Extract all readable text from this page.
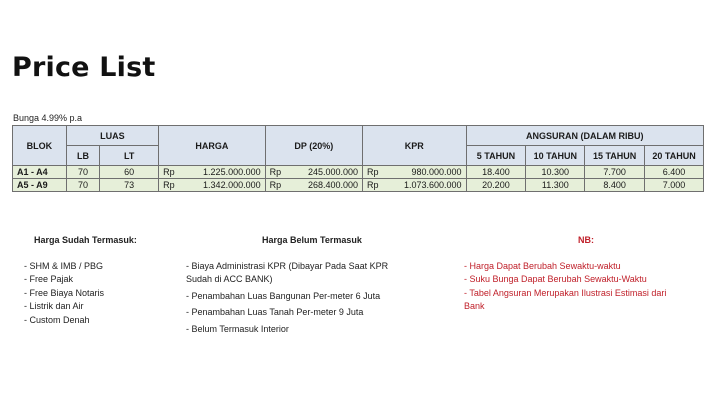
Price List
Bunga 4.99% p.a
BLOK	LUAS		HARGA		DP (20%)		KPR		ANGSURAN (DALAM RIBU)			
	LB	LT							5 TAHUN	10 TAHUN	15 TAHUN	20 TAHUN
A1 - A4	70	60	Rp	1.225.000.000	Rp	245.000.000	Rp	980.000.000	18.400	10.300	7.700	6.400
A5 - A9	70	73	Rp	1.342.000.000	Rp	268.400.000	Rp	1.073.600.000	20.200	11.300	8.400	7.000
Harga Sudah Termasuk:
- SHM & IMB / PBG
- Free Pajak
- Free Biaya Notaris
- Listrik dan Air
- Custom Denah
Harga Belum Termasuk
- Biaya Administrasi KPR (Dibayar Pada Saat KPR Sudah di ACC BANK)
- Penambahan Luas Bangunan Per-meter 6 Juta
- Penambahan Luas Tanah Per-meter 9 Juta
- Belum Termasuk Interior
NB:
- Harga Dapat Berubah Sewaktu-waktu
- Suku Bunga Dapat Berubah Sewaktu-Waktu
- Tabel Angsuran Merupakan Ilustrasi Estimasi dari Bank
